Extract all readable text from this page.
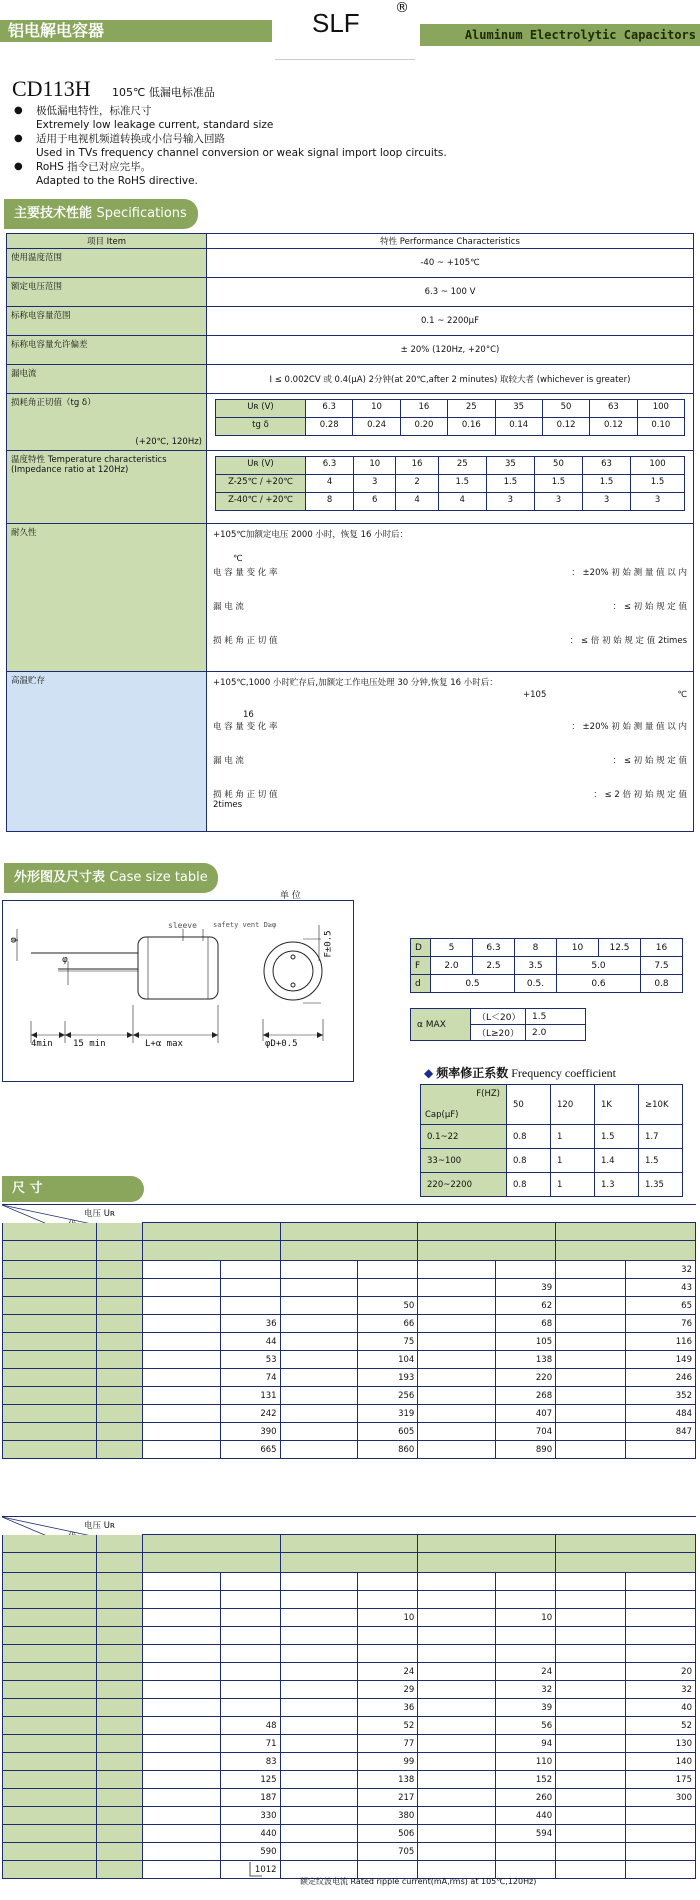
铝电解电容器	SLF	®
Aluminum Electrolytic Capacitors
CD113H 105℃ 低漏电标准品
●	极低漏电特性，标准尺寸
Extremely low leakage current, standard size
●	适用于电视机频道转换或小信号输入回路
Used in TVs frequency channel conversion or weak signal import loop circuits.
●	RoHS 指令已对应完毕。
Adapted to the RoHS directive.
主要技术性能 Specifications
项目 Item	特性 Performance Characteristics
使用温度范围	-40 ~ +105℃
额定电压范围	6.3 ~ 100 V
标称电容量范围	0.1 ~ 2200μF
标称电容量允许偏差	± 20% (120Hz, +20°C)
漏电流	I ≤ 0.002CV 或 0.4(μA) 2分钟(at 20℃,after 2 minutes) 取较大者 (whichever is greater)

损耗角正切值（tg δ）
(+20℃, 120Hz)

Uʀ (V)	6.3	10	16	25	35	50	63	100
tg δ	0.28	0.24	0.20	0.16	0.14	0.12	0.12	0.10

温度特性 Temperature characteristics
(Impedance ratio at 120Hz)

Uʀ (V)	6.3	10	16	25	35	50	63	100
Z-25℃ / +20℃	4	3	2	1.5	1.5	1.5	1.5	1.5
Z-40℃ / +20℃	8	6	4	4	3	3	3	3

耐久性	+105℃加额定电压 2000 小时，恢复 16 小时后：
℃
电 容 量 变 化 率	： ±20% 初 始 测 量 值 以 内
漏 电 流	： ≤ 初 始 规 定 值
损 耗 角 正 切 值	： ≤ 倍 初 始 规 定 值 2times

高温贮存	+105℃,1000 小时贮存后,加额定工作电压处理 30 分钟,恢复 16 小时后：
+105	℃
16
电 容 量 变 化 率	： ±20% 初 始 测 量 值 以 内
漏 电 流	： ≤ 初 始 规 定 值
损 耗 角 正 切 值	： ≤ 2 倍 初 始 规 定 值
2times
外形图及尺寸表 Case size table
单 位
φ
φ
sleeve safety vent D≥φ
4min 15 min	L+α max	φD+0.5
F±0.5	D	5	6.3	8	10	12.5	16
F	2.0	2.5	3.5	5.0		7.5
d	0.5		0.5.	0.6		0.8
α MAX	（L＜20）	1.5
	（L≥20）	2.0
◆ 频率修正系数 Frequency coefficient
F(HZ)
Cap(μF)	50	120	1K	≥10K
0.1~22	0.8	1	1.5	1.7
33~100	0.8	1	1.4	1.5
220~2200	0.8	1	1.3	1.35
尺 寸
电压 Uʀ

									32
							39		43
					50		62		65
			36		66		68		76
			44		75		105		116
			53		104		138		149
			74		193		220		246
			131		256		268		352
			242		319		407		484
			390		605		704		847
			665		860		890		
电压 Uʀ

					10		10		

					24		24		20
					29		32		32
					36		39		40
			48		52		56		52
			71		77		94		130
			83		99		110		140
			125		138		152		175
			187		217		260		300
			330		380		440		
			440		506		594		
			590		705				
			1012						
额定纹波电流 Rated ripple current(mA,rms) at 105℃,120Hz)
